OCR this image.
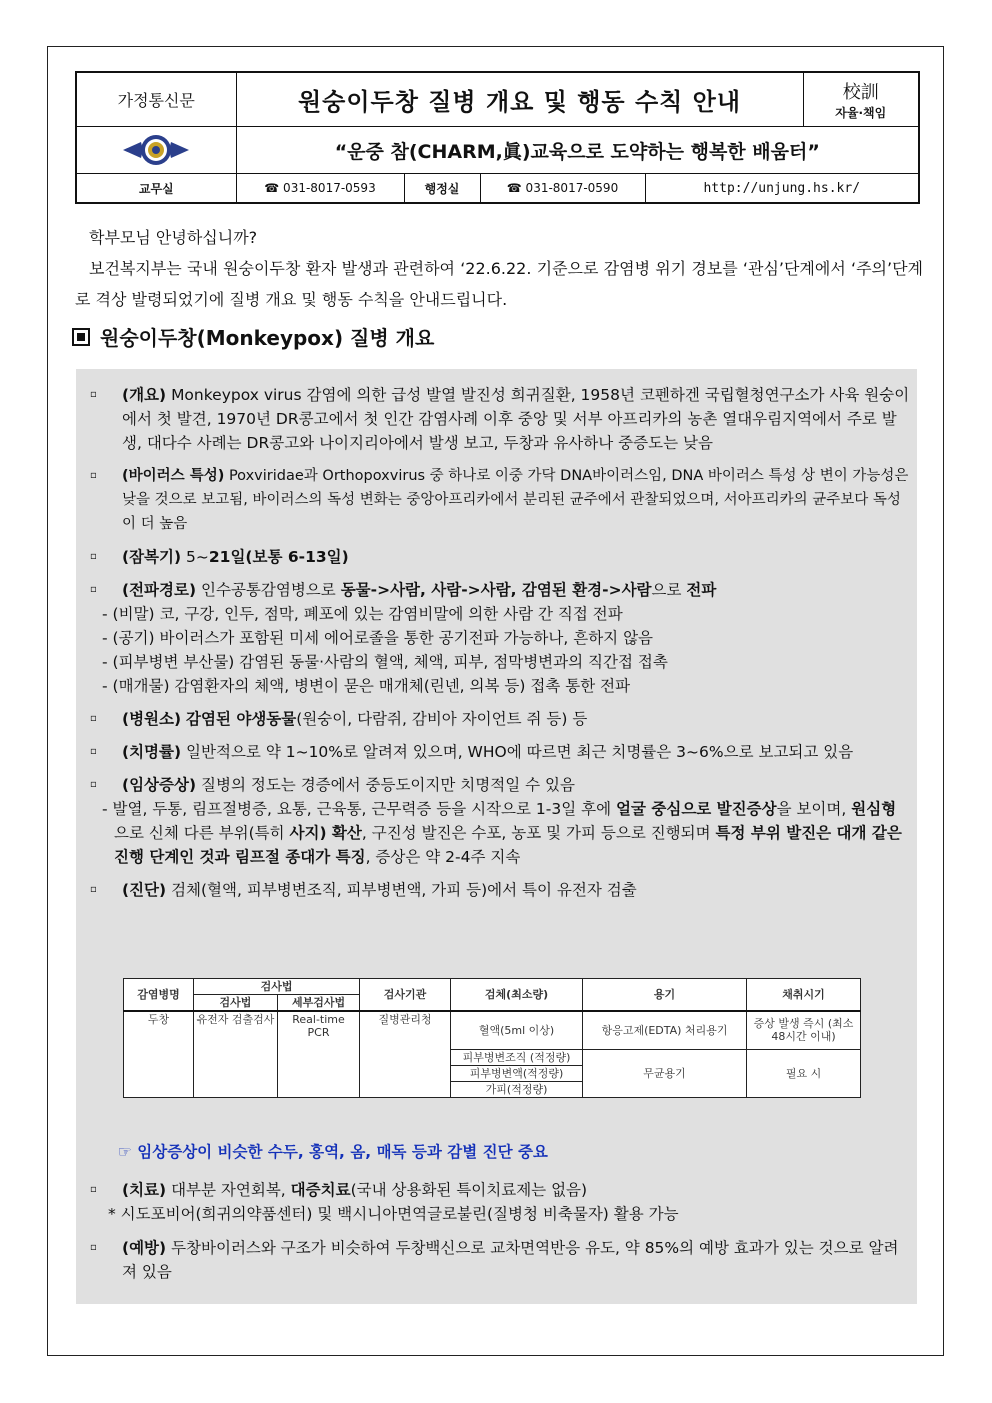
가정통신문	원숭이두창 질병 개요 및 행동 수칙 안내				校訓
자율·책임

	“운중 참(CHARM,眞)교육으로 도약하는 행복한 배움터”				
교무실	☎ 031-8017-0593	행정실	☎ 031-8017-0590	http://unjung.hs.kr/	

학부모님 안녕하십니까?

보건복지부는 국내 원숭이두창 환자 발생과 관련하여 ‘22.6.22. 기준으로 감염병 위기 경보를 ‘관심’단계에서 ‘주의’단계로 격상 발령되었기에 질병 개요 및 행동 수칙을 안내드립니다.

원숭이두창(Monkeypox) 질병 개요
▫ (개요) Monkeypox virus 감염에 의한 급성 발열 발진성 희귀질환, 1958년 코펜하겐 국립혈청연구소가 사육 원숭이에서 첫 발견, 1970년 DR콩고에서 첫 인간 감염사례 이후 중앙 및 서부 아프리카의 농촌 열대우림지역에서 주로 발생, 대다수 사례는 DR콩고와 나이지리아에서 발생 보고, 두창과 유사하나 중증도는 낮음
▫ (바이러스 특성) Poxviridae과 Orthopoxvirus 중 하나로 이중 가닥 DNA바이러스임, DNA 바이러스 특성 상 변이 가능성은 낮을 것으로 보고됨, 바이러스의 독성 변화는 중앙아프리카에서 분리된 균주에서 관찰되었으며, 서아프리카의 균주보다 독성이 더 높음
▫ (잠복기) 5~21일(보통 6-13일)
▫ (전파경로) 인수공통감염병으로 동물->사람, 사람->사람, 감염된 환경->사람으로 전파

- (비말) 코, 구강, 인두, 점막, 폐포에 있는 감염비말에 의한 사람 간 직접 전파

- (공기) 바이러스가 포함된 미세 에어로졸을 통한 공기전파 가능하나, 흔하지 않음

- (피부병변 부산물) 감염된 동물·사람의 혈액, 체액, 피부, 점막병변과의 직간접 접촉

- (매개물) 감염환자의 체액, 병변이 묻은 매개체(린넨, 의복 등) 접촉 통한 전파

▫ (병원소) 감염된 야생동물(원숭이, 다람쥐, 감비아 자이언트 쥐 등) 등
▫ (치명률) 일반적으로 약 1~10%로 알려져 있으며, WHO에 따르면 최근 치명률은 3~6%으로 보고되고 있음
▫ (임상증상) 질병의 정도는 경증에서 중등도이지만 치명적일 수 있음

- 발열, 두통, 림프절병증, 요통, 근육통, 근무력증 등을 시작으로 1-3일 후에 얼굴 중심으로 발진증상을 보이며, 원심형으로 신체 다른 부위(특히 사지) 확산, 구진성 발진은 수포, 농포 및 가피 등으로 진행되며 특정 부위 발진은 대개 같은 진행 단계인 것과 림프절 종대가 특징, 증상은 약 2-4주 지속

▫ (진단) 검체(혈액, 피부병변조직, 피부병변액, 가피 등)에서 특이 유전자 검출
감염병명	검사법		검사기관	검체(최소량)	용기	채취시기
	검사법	세부검사법				
두창	유전자 검출검사	Real-time PCR	질병관리청	혈액(5ml 이상)	항응고제(EDTA) 처리용기	증상 발생 즉시 (최소 48시간 이내)
				피부병변조직 (적정량)	무균용기	필요 시
				피부병변액(적정량)		
				가피(적정량)		
☞ 임상증상이 비슷한 수두, 홍역, 옴, 매독 등과 감별 진단 중요
▫ (치료) 대부분 자연회복, 대증치료(국내 상용화된 특이치료제는 없음)
* 시도포비어(희귀의약품센터) 및 백시니아면역글로불린(질병청 비축물자) 활용 가능
▫ (예방) 두창바이러스와 구조가 비슷하여 두창백신으로 교차면역반응 유도, 약 85%의 예방 효과가 있는 것으로 알려져 있음
